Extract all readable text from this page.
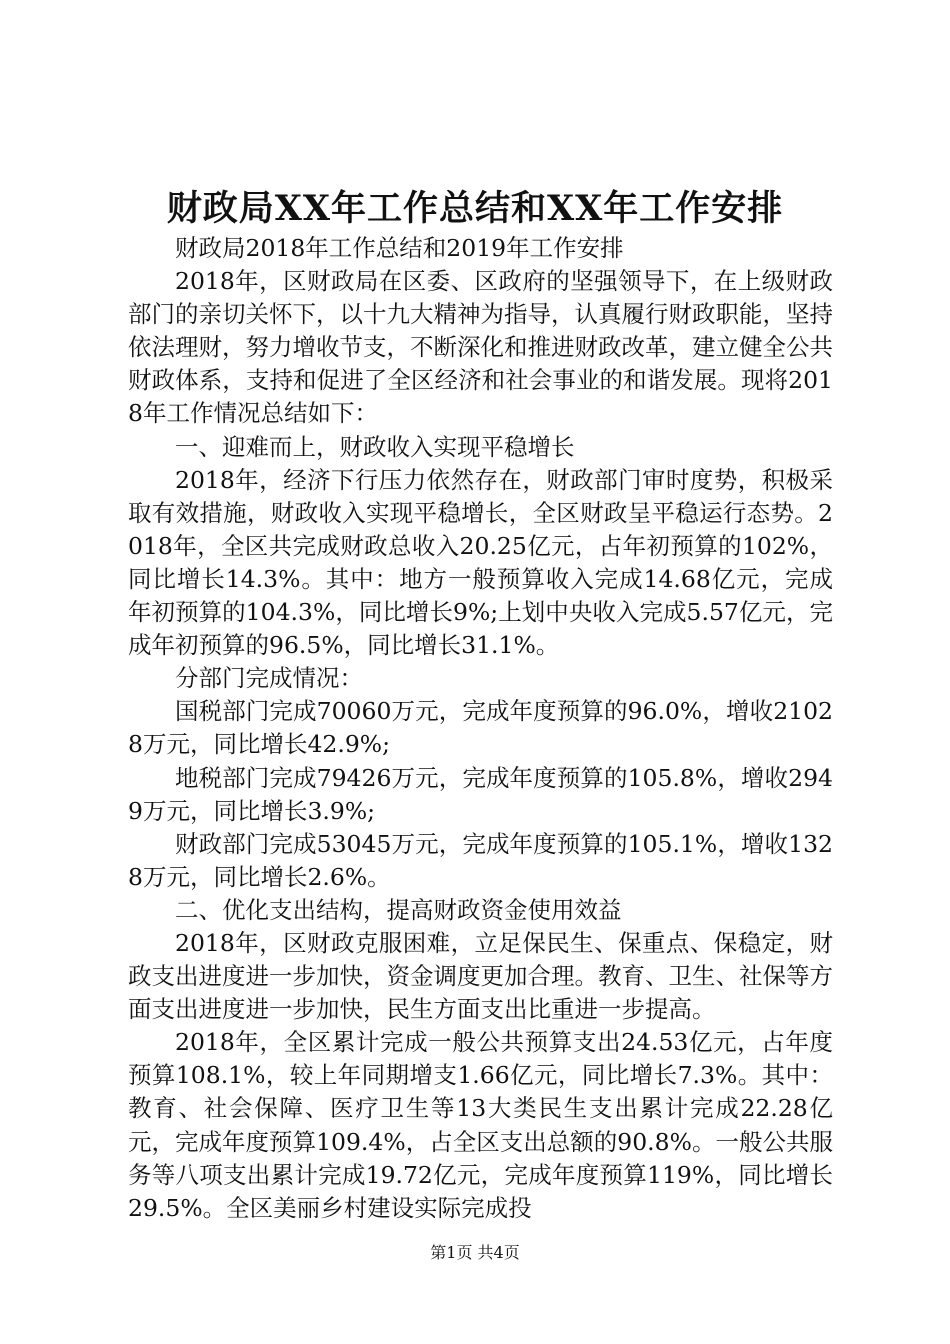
财政局XX年工作总结和XX年工作安排

财政局2018年工作总结和2019年工作安排

2018年，区财政局在区委、区政府的坚强领导下，在上级财政部门的亲切关怀下，以十九大精神为指导，认真履行财政职能，坚持依法理财，努力增收节支，不断深化和推进财政改革，建立健全公共财政体系，支持和促进了全区经济和社会事业的和谐发展。现将2018年工作情况总结如下：

一、迎难而上，财政收入实现平稳增长

2018年，经济下行压力依然存在，财政部门审时度势，积极采取有效措施，财政收入实现平稳增长，全区财政呈平稳运行态势。2018年，全区共完成财政总收入20.25亿元，占年初预算的102%，同比增长14.3%。其中：地方一般预算收入完成14.68亿元，完成年初预算的104.3%，同比增长9%;上划中央收入完成5.57亿元，完成年初预算的96.5%，同比增长31.1%。

分部门完成情况：

国税部门完成70060万元，完成年度预算的96.0%，增收21028万元，同比增长42.9%;

地税部门完成79426万元，完成年度预算的105.8%，增收2949万元，同比增长3.9%;

财政部门完成53045万元，完成年度预算的105.1%，增收1328万元，同比增长2.6%。

二、优化支出结构，提高财政资金使用效益

2018年，区财政克服困难，立足保民生、保重点、保稳定，财政支出进度进一步加快，资金调度更加合理。教育、卫生、社保等方面支出进度进一步加快，民生方面支出比重进一步提高。

2018年，全区累计完成一般公共预算支出24.53亿元，占年度预算108.1%，较上年同期增支1.66亿元，同比增长7.3%。其中：教育、社会保障、医疗卫生等13大类民生支出累计完成22.28亿元，完成年度预算109.4%，占全区支出总额的90.8%。一般公共服务等八项支出累计完成19.72亿元，完成年度预算119%，同比增长29.5%。全区美丽乡村建设实际完成投

第1页 共4页
